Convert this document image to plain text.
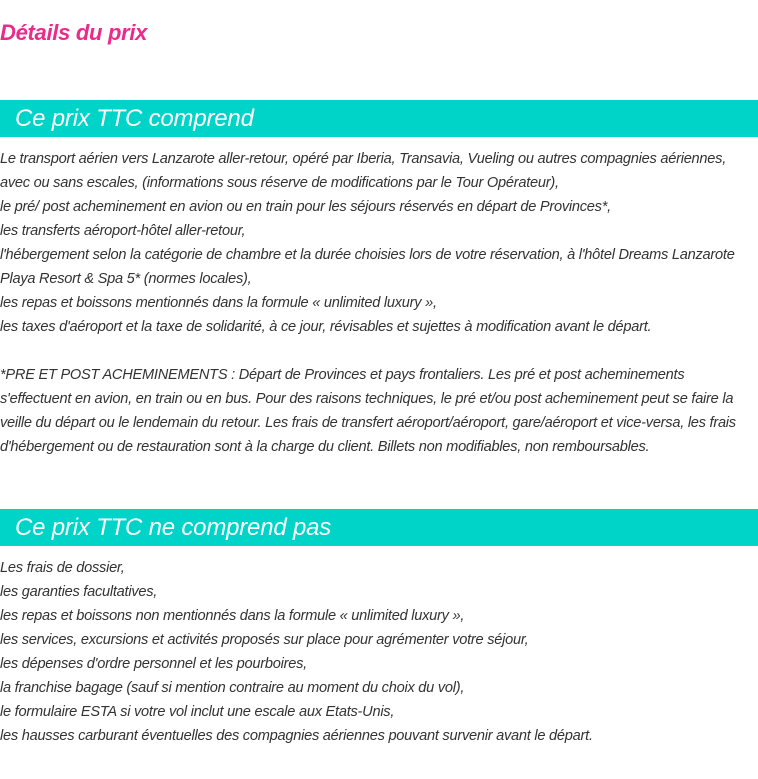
Détails du prix
Ce prix TTC comprend

Le transport aérien vers Lanzarote aller-retour, opéré par Iberia, Transavia, Vueling ou autres compagnies aériennes, avec ou sans escales, (informations sous réserve de modifications par le Tour Opérateur),

le pré/ post acheminement en avion ou en train pour les séjours réservés en départ de Provinces*,

les transferts aéroport-hôtel aller-retour,

l'hébergement selon la catégorie de chambre et la durée choisies lors de votre réservation, à l'hôtel Dreams Lanzarote Playa Resort & Spa 5* (normes locales),

les repas et boissons mentionnés dans la formule « unlimited luxury »,

les taxes d'aéroport et la taxe de solidarité, à ce jour, révisables et sujettes à modification avant le départ.

*PRE ET POST ACHEMINEMENTS : Départ de Provinces et pays frontaliers. Les pré et post acheminements s'effectuent en avion, en train ou en bus. Pour des raisons techniques, le pré et/ou post acheminement peut se faire la veille du départ ou le lendemain du retour. Les frais de transfert aéroport/aéroport, gare/aéroport et vice-versa, les frais d'hébergement ou de restauration sont à la charge du client. Billets non modifiables, non remboursables.

Ce prix TTC ne comprend pas

Les frais de dossier,

les garanties facultatives,

les repas et boissons non mentionnés dans la formule « unlimited luxury »,

les services, excursions et activités proposés sur place pour agrémenter votre séjour,

les dépenses d'ordre personnel et les pourboires,

la franchise bagage (sauf si mention contraire au moment du choix du vol),

le formulaire ESTA si votre vol inclut une escale aux Etats-Unis,

les hausses carburant éventuelles des compagnies aériennes pouvant survenir avant le départ.
